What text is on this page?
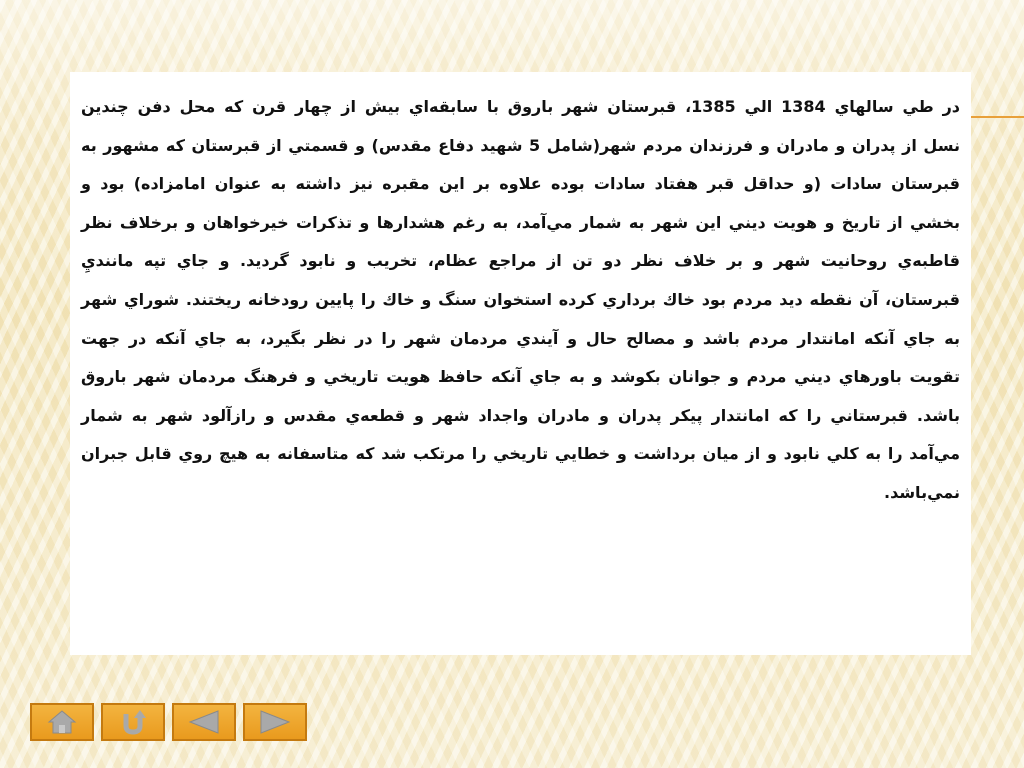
در طي سالهاي 1384 الي 1385، قبرستان شهر باروق با سابقه‌اي بيش از چهار قرن که محل دفن چندين نسل از پدران و مادران و فرزندان مردم شهر(شامل 5 شهيد دفاع مقدس) و قسمتي از قبرستان که مشهور به قبرستان سادات (و حداقل قبر هفتاد سادات بوده علاوه بر اين مقبره نيز داشته به عنوان امامزاده) بود و بخشي از تاريخ و هويت ديني اين شهر به شمار مي‌آمد، به رغم هشدارها و تذکرات خيرخواهان و برخلاف نظر قاطبه‌ي روحانيت شهر و بر خلاف نظر دو تن از مراجع عظام، تخريب و نابود گرديد. و جاي تپه ماننديِ قبرستان، آن نقطه ديد مردم بود خاك برداري کرده استخوان سنگ و خاك را پايين رودخانه ريختند. شوراي شهر به جاي آنکه امانتدار مردم باشد و مصالح حال و آيندي مردمان شهر را در نظر بگيرد، به جاي آنکه در جهت تقويت باورهاي ديني مردم و جوانان بکوشد و به جاي آنکه حافظ هويت تاريخي و فرهنگ مردمان شهر باروق باشد. قبرستاني را که امانتدار پيکر پدران و مادران واجداد شهر و قطعه‌ي مقدس و رازآلود شهر به شمار مي‌آمد را به کلي نابود و از ميان برداشت و خطايي تاريخي را مرتکب شد که متاسفانه به هيچ روي قابل جبران نمي‌باشد.
